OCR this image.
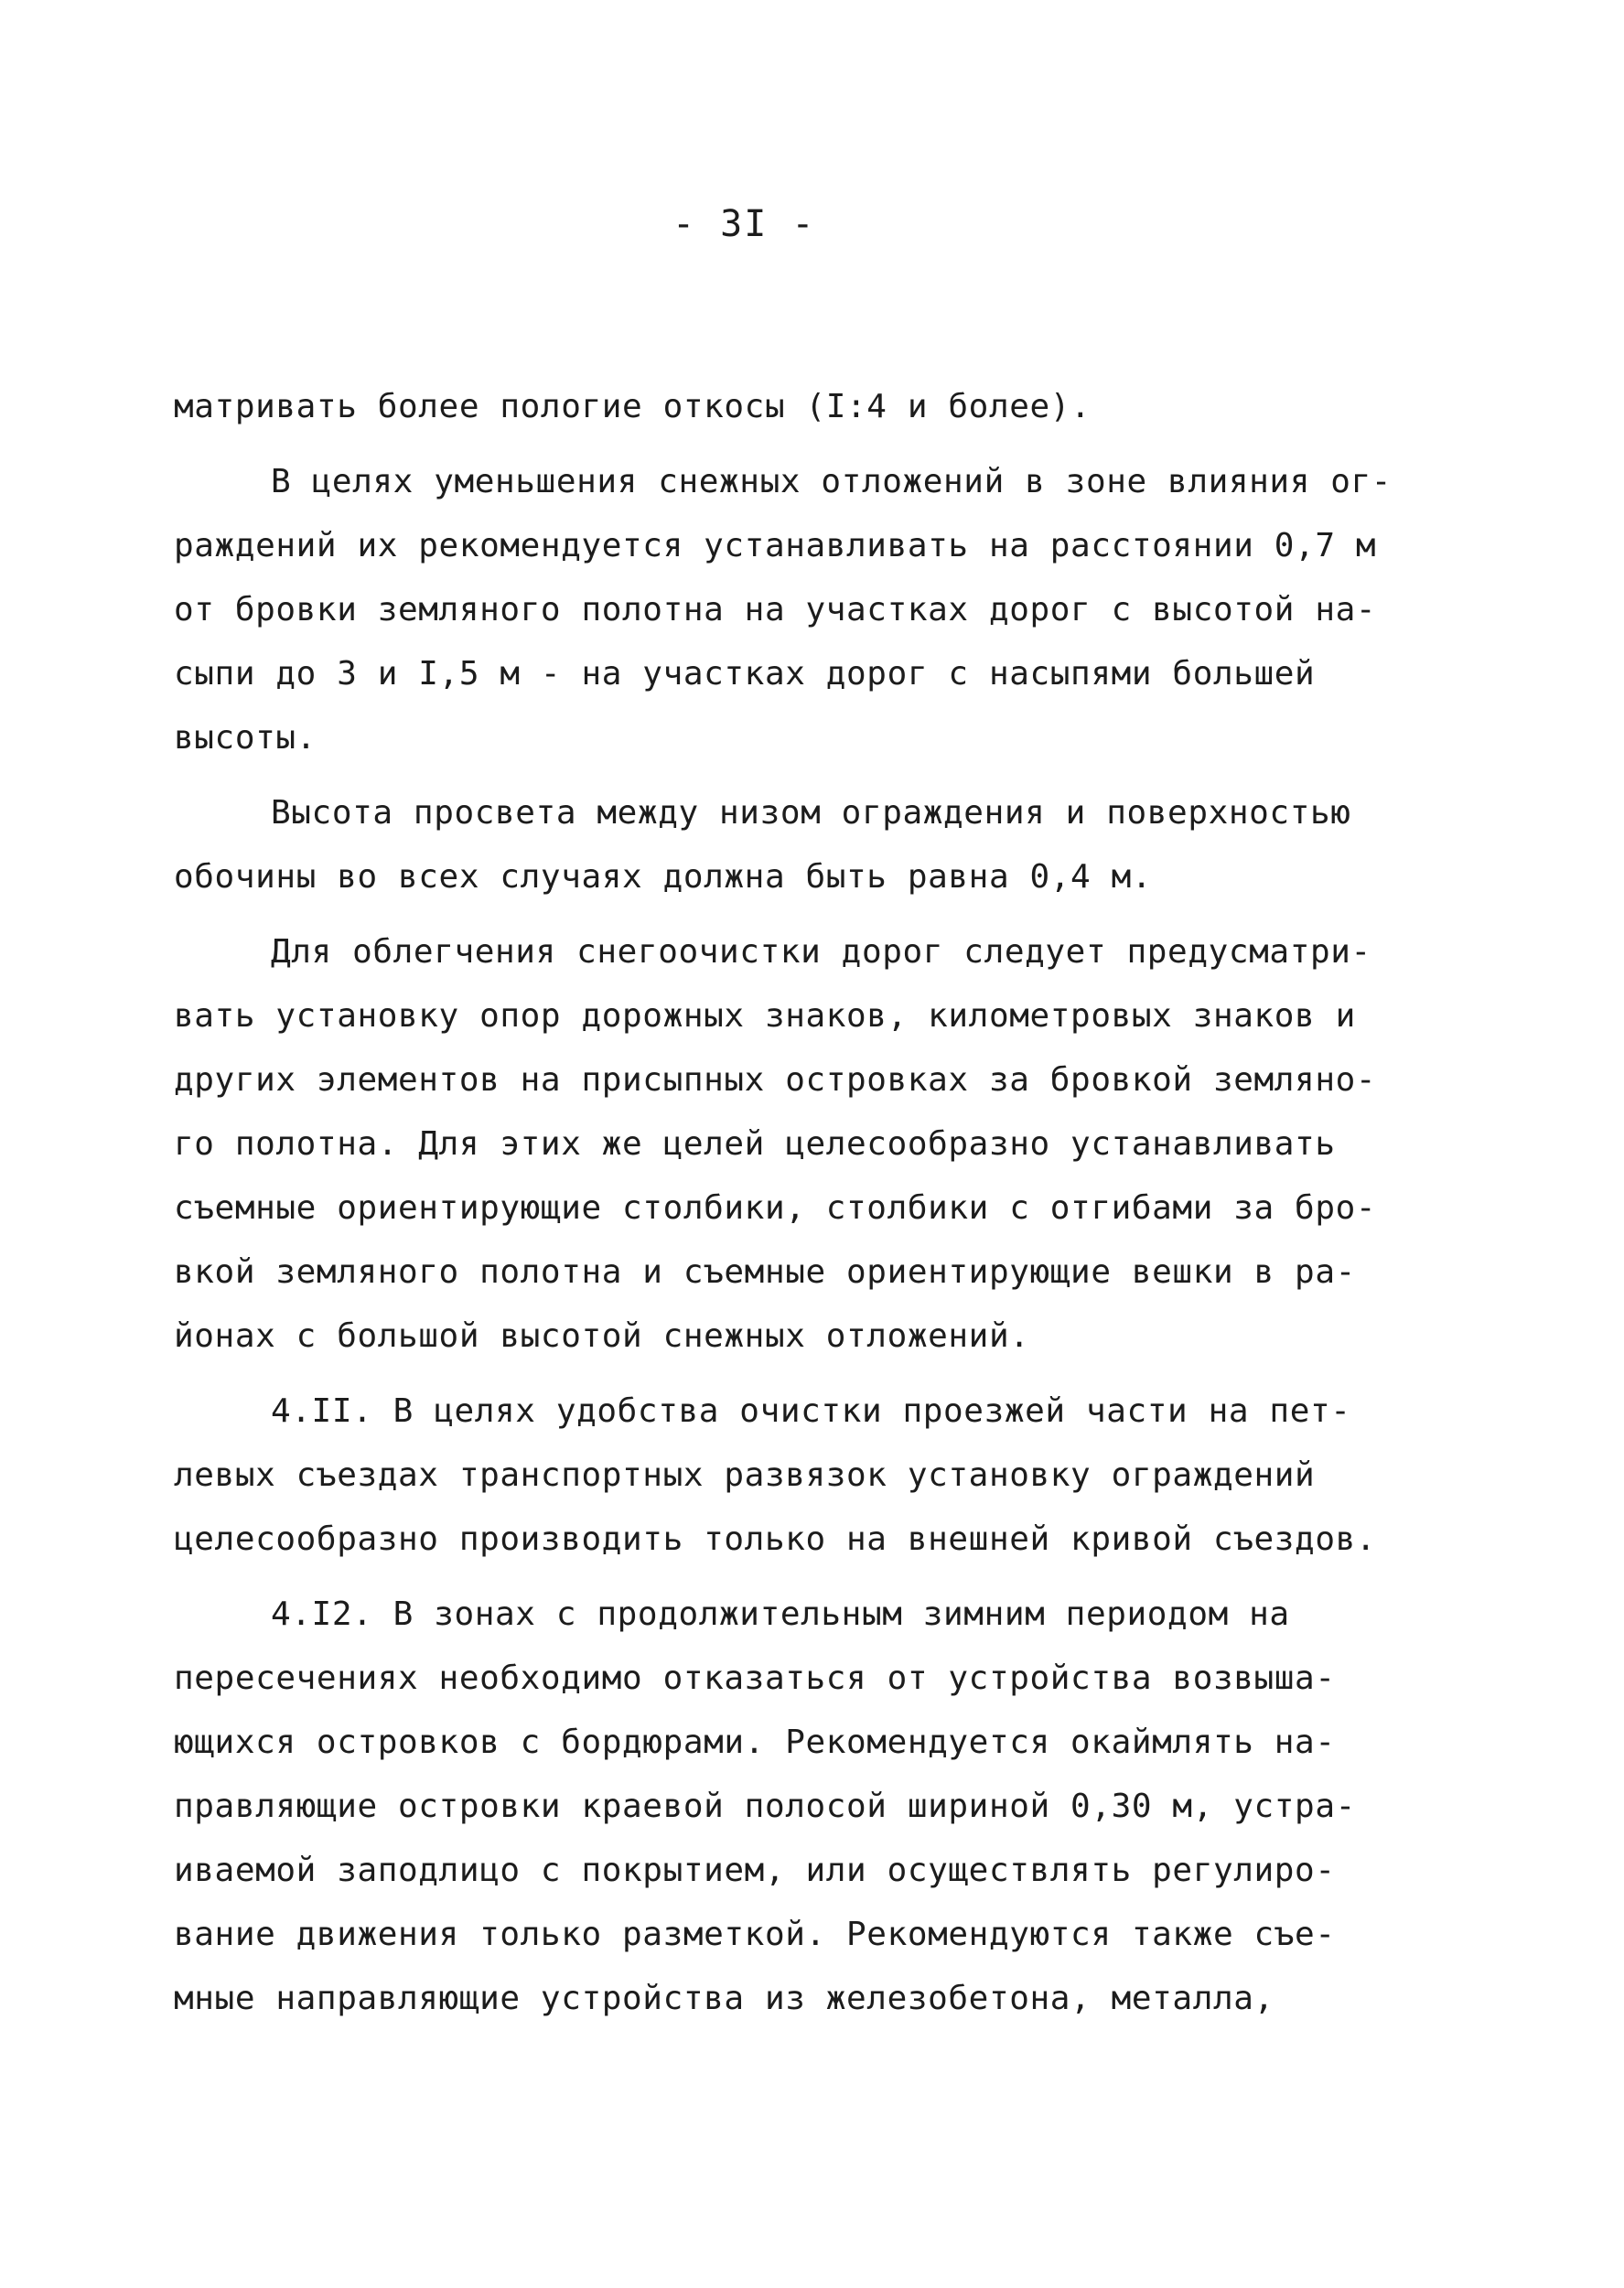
- 3I -
матривать более пологие откосы (I:4 и более).
В целях уменьшения снежных отложений в зоне влияния ог-
раждений их рекомендуется устанавливать на расстоянии 0,7 м
от бровки земляного полотна на участках дорог с высотой на-
сыпи до 3 и I,5 м - на участках дорог с насыпями большей
высоты.
Высота просвета между низом ограждения и поверхностью
обочины во всех случаях должна быть равна 0,4 м.
Для облегчения снегоочистки дорог следует предусматри-
вать установку опор дорожных знаков, километровых знаков и
других элементов на присыпных островках за бровкой земляно-
го полотна. Для этих же целей целесообразно устанавливать
съемные ориентирующие столбики, столбики с отгибами за бро-
вкой земляного полотна и съемные ориентирующие вешки в ра-
йонах с большой высотой снежных отложений.
4.II. В целях удобства очистки проезжей части на пет-
левых съездах транспортных развязок установку ограждений
целесообразно производить только на внешней кривой съездов.
4.I2. В зонах с продолжительным зимним периодом на
пересечениях необходимо отказаться от устройства возвыша-
ющихся островков с бордюрами. Рекомендуется окаймлять на-
правляющие островки краевой полосой шириной 0,30 м, устра-
иваемой заподлицо с покрытием, или осуществлять регулиро-
вание движения только разметкой. Рекомендуются также съе-
мные направляющие устройства из железобетона, металла,
